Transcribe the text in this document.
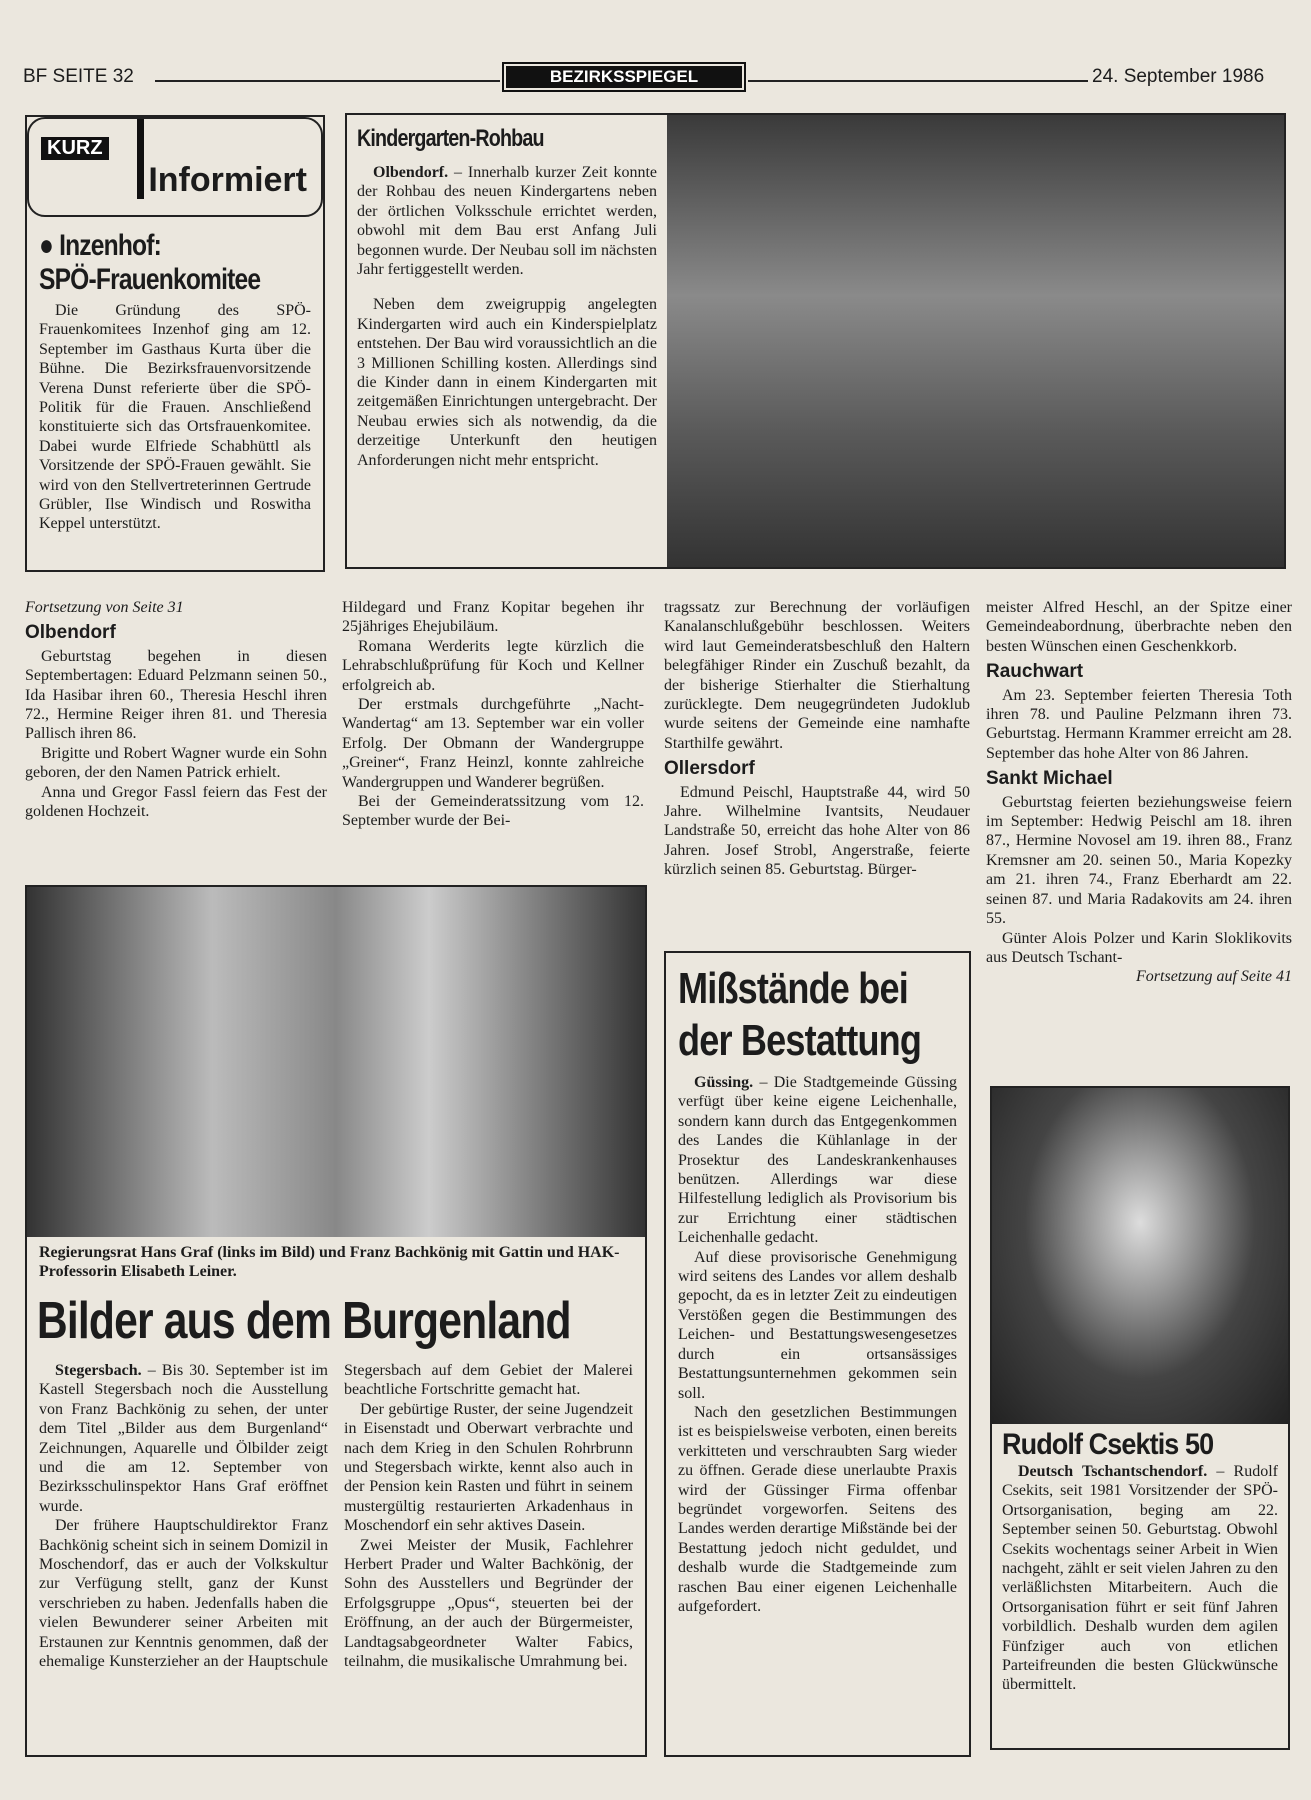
BF SEITE 32	BEZIRKSSPIEGEL	24. September 1986
KURZ
Informiert
● Inzenhof:
SPÖ-Frauenkomitee

Die Gründung des SPÖ-Frauenkomitees Inzenhof ging am 12. September im Gasthaus Kurta über die Bühne. Die Bezirksfrauenvorsitzende Verena Dunst referierte über die SPÖ-Politik für die Frauen. Anschließend konstituierte sich das Ortsfrauenkomitee. Dabei wurde Elfriede Schabhüttl als Vorsitzende der SPÖ-Frauen gewählt. Sie wird von den Stellvertreterinnen Gertrude Grübler, Ilse Windisch und Roswitha Keppel unterstützt.

Kindergarten-Rohbau

Olbendorf. – Innerhalb kurzer Zeit konnte der Rohbau des neuen Kindergartens neben der örtlichen Volksschule errichtet werden, obwohl mit dem Bau erst Anfang Juli begonnen wurde. Der Neubau soll im nächsten Jahr fertiggestellt werden.

Neben dem zweigruppig angelegten Kindergarten wird auch ein Kinderspielplatz entstehen. Der Bau wird voraussichtlich an die 3 Millionen Schilling kosten. Allerdings sind die Kinder dann in einem Kindergarten mit zeitgemäßen Einrichtungen untergebracht. Der Neubau erwies sich als notwendig, da die derzeitige Unterkunft den heutigen Anforderungen nicht mehr entspricht.

Fortsetzung von Seite 31
Olbendorf

Geburtstag begehen in diesen Septembertagen: Eduard Pelzmann seinen 50., Ida Hasibar ihren 60., Theresia Heschl ihren 72., Hermine Reiger ihren 81. und Theresia Pallisch ihren 86.

Brigitte und Robert Wagner wurde ein Sohn geboren, der den Namen Patrick erhielt.

Anna und Gregor Fassl feiern das Fest der goldenen Hochzeit.

Hildegard und Franz Kopitar begehen ihr 25jähriges Ehejubiläum.

Romana Werderits legte kürzlich die Lehrabschlußprüfung für Koch und Kellner erfolgreich ab.

Der erstmals durchgeführte „Nacht-Wandertag“ am 13. September war ein voller Erfolg. Der Obmann der Wandergruppe „Greiner“, Franz Heinzl, konnte zahlreiche Wandergruppen und Wanderer begrüßen.

Bei der Gemeinderatssitzung vom 12. September wurde der Bei-

tragssatz zur Berechnung der vorläufigen Kanalanschlußgebühr beschlossen. Weiters wird laut Gemeinderatsbeschluß den Haltern belegfähiger Rinder ein Zuschuß bezahlt, da der bisherige Stierhalter die Stierhaltung zurücklegte. Dem neugegründeten Judoklub wurde seitens der Gemeinde eine namhafte Starthilfe gewährt.

Ollersdorf

Edmund Peischl, Hauptstraße 44, wird 50 Jahre. Wilhelmine Ivantsits, Neudauer Landstraße 50, erreicht das hohe Alter von 86 Jahren. Josef Strobl, Angerstraße, feierte kürzlich seinen 85. Geburtstag. Bürger-

meister Alfred Heschl, an der Spitze einer Gemeindeabordnung, überbrachte neben den besten Wünschen einen Geschenkkorb.

Rauchwart

Am 23. September feierten Theresia Toth ihren 78. und Pauline Pelzmann ihren 73. Geburtstag. Hermann Krammer erreicht am 28. September das hohe Alter von 86 Jahren.

Sankt Michael

Geburtstag feierten beziehungsweise feiern im September: Hedwig Peischl am 18. ihren 87., Hermine Novosel am 19. ihren 88., Franz Kremsner am 20. seinen 50., Maria Kopezky am 21. ihren 74., Franz Eberhardt am 22. seinen 87. und Maria Radakovits am 24. ihren 55.

Günter Alois Polzer und Karin Sloklikovits aus Deutsch Tschant-

Fortsetzung auf Seite 41
Regierungsrat Hans Graf (links im Bild) und Franz Bachkönig mit Gattin und HAK-Professorin Elisabeth Leiner.
Bilder aus dem Burgenland

Stegersbach. – Bis 30. September ist im Kastell Stegersbach noch die Ausstellung von Franz Bachkönig zu sehen, der unter dem Titel „Bilder aus dem Burgenland“ Zeichnungen, Aquarelle und Ölbilder zeigt und die am 12. September von Bezirksschulinspektor Hans Graf eröffnet wurde.

Der frühere Hauptschuldirektor Franz Bachkönig scheint sich in seinem Domizil in Moschendorf, das er auch der Volkskultur zur Verfügung stellt, ganz der Kunst verschrieben zu haben. Jedenfalls haben die vielen Bewunderer seiner Arbeiten mit Erstaunen zur Kenntnis genommen, daß der ehemalige Kunsterzieher an der Hauptschule Stegersbach auf dem Gebiet der Malerei beachtliche Fortschritte gemacht hat.

Der gebürtige Ruster, der seine Jugendzeit in Eisenstadt und Oberwart verbrachte und nach dem Krieg in den Schulen Rohrbrunn und Stegersbach wirkte, kennt also auch in der Pension kein Rasten und führt in seinem mustergültig restaurierten Arkadenhaus in Moschendorf ein sehr aktives Dasein.

Zwei Meister der Musik, Fachlehrer Herbert Prader und Walter Bachkönig, der Sohn des Ausstellers und Begründer der Erfolgsgruppe „Opus“, steuerten bei der Eröffnung, an der auch der Bürgermeister, Landtagsabgeordneter Walter Fabics, teilnahm, die musikalische Umrahmung bei.

Mißstände bei
der Bestattung

Güssing. – Die Stadtgemeinde Güssing verfügt über keine eigene Leichenhalle, sondern kann durch das Entgegenkommen des Landes die Kühlanlage in der Prosektur des Landeskrankenhauses benützen. Allerdings war diese Hilfestellung lediglich als Provisorium bis zur Errichtung einer städtischen Leichenhalle gedacht.

Auf diese provisorische Genehmigung wird seitens des Landes vor allem deshalb gepocht, da es in letzter Zeit zu eindeutigen Verstößen gegen die Bestimmungen des Leichen- und Bestattungswesengesetzes durch ein ortsansässiges Bestattungsunternehmen gekommen sein soll.

Nach den gesetzlichen Bestimmungen ist es beispielsweise verboten, einen bereits verkitteten und verschraubten Sarg wieder zu öffnen. Gerade diese unerlaubte Praxis wird der Güssinger Firma offenbar begründet vorgeworfen. Seitens des Landes werden derartige Mißstände bei der Bestattung jedoch nicht geduldet, und deshalb wurde die Stadtgemeinde zum raschen Bau einer eigenen Leichenhalle aufgefordert.

Rudolf Csektis 50

Deutsch Tschantschendorf. – Rudolf Csekits, seit 1981 Vorsitzender der SPÖ-Ortsorganisation, beging am 22. September seinen 50. Geburtstag. Obwohl Csekits wochentags seiner Arbeit in Wien nachgeht, zählt er seit vielen Jahren zu den verläßlichsten Mitarbeitern. Auch die Ortsorganisation führt er seit fünf Jahren vorbildlich. Deshalb wurden dem agilen Fünfziger auch von etlichen Parteifreunden die besten Glückwünsche übermittelt.
